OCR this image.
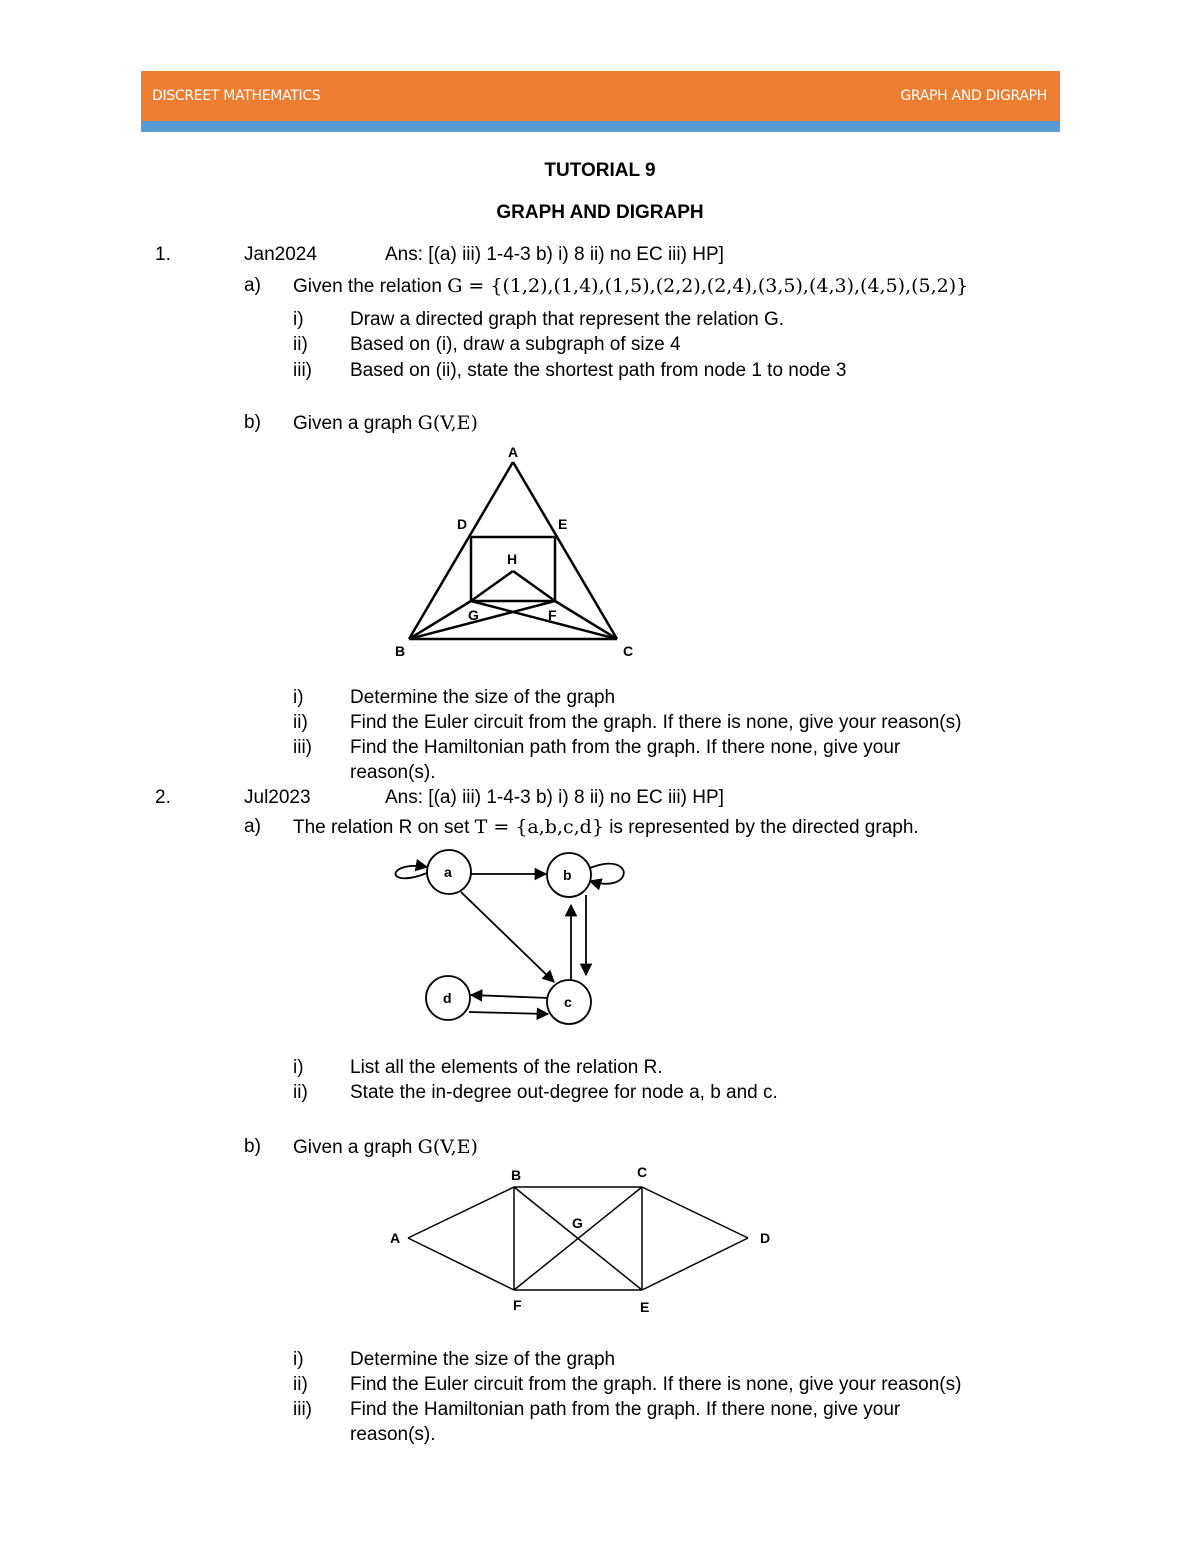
DISCREET MATHEMATICS	GRAPH AND DIGRAPH
TUTORIAL 9
GRAPH AND DIGRAPH
1.	Jan2024	Ans: [(a) iii) 1-4-3 b) i) 8 ii) no EC iii) HP]
a) Given the relation G = {(1,2),(1,4),(1,5),(2,2),(2,4),(3,5),(4,3),(4,5),(5,2)}
i) Draw a directed graph that represent the relation G.
ii) Based on (i), draw a subgraph of size 4
iii) Based on (ii), state the shortest path from node 1 to node 3
b) Given a graph G(V,E)
A
D	E
H
G	F
B	C
i) Determine the size of the graph
ii) Find the Euler circuit from the graph. If there is none, give your reason(s)
iii) Find the Hamiltonian path from the graph. If there none, give your
reason(s).
2.	Jul2023	Ans: [(a) iii) 1-4-3 b) i) 8 ii) no EC iii) HP]
a) The relation R on set T = {a,b,c,d} is represented by the directed graph.
a	b
c
d
i) List all the elements of the relation R.
ii) State the in-degree out-degree for node a, b and c.
b) Given a graph G(V,E)
A
B	C
D
G
F	E
i) Determine the size of the graph
ii) Find the Euler circuit from the graph. If there is none, give your reason(s)
iii) Find the Hamiltonian path from the graph. If there none, give your
reason(s).
